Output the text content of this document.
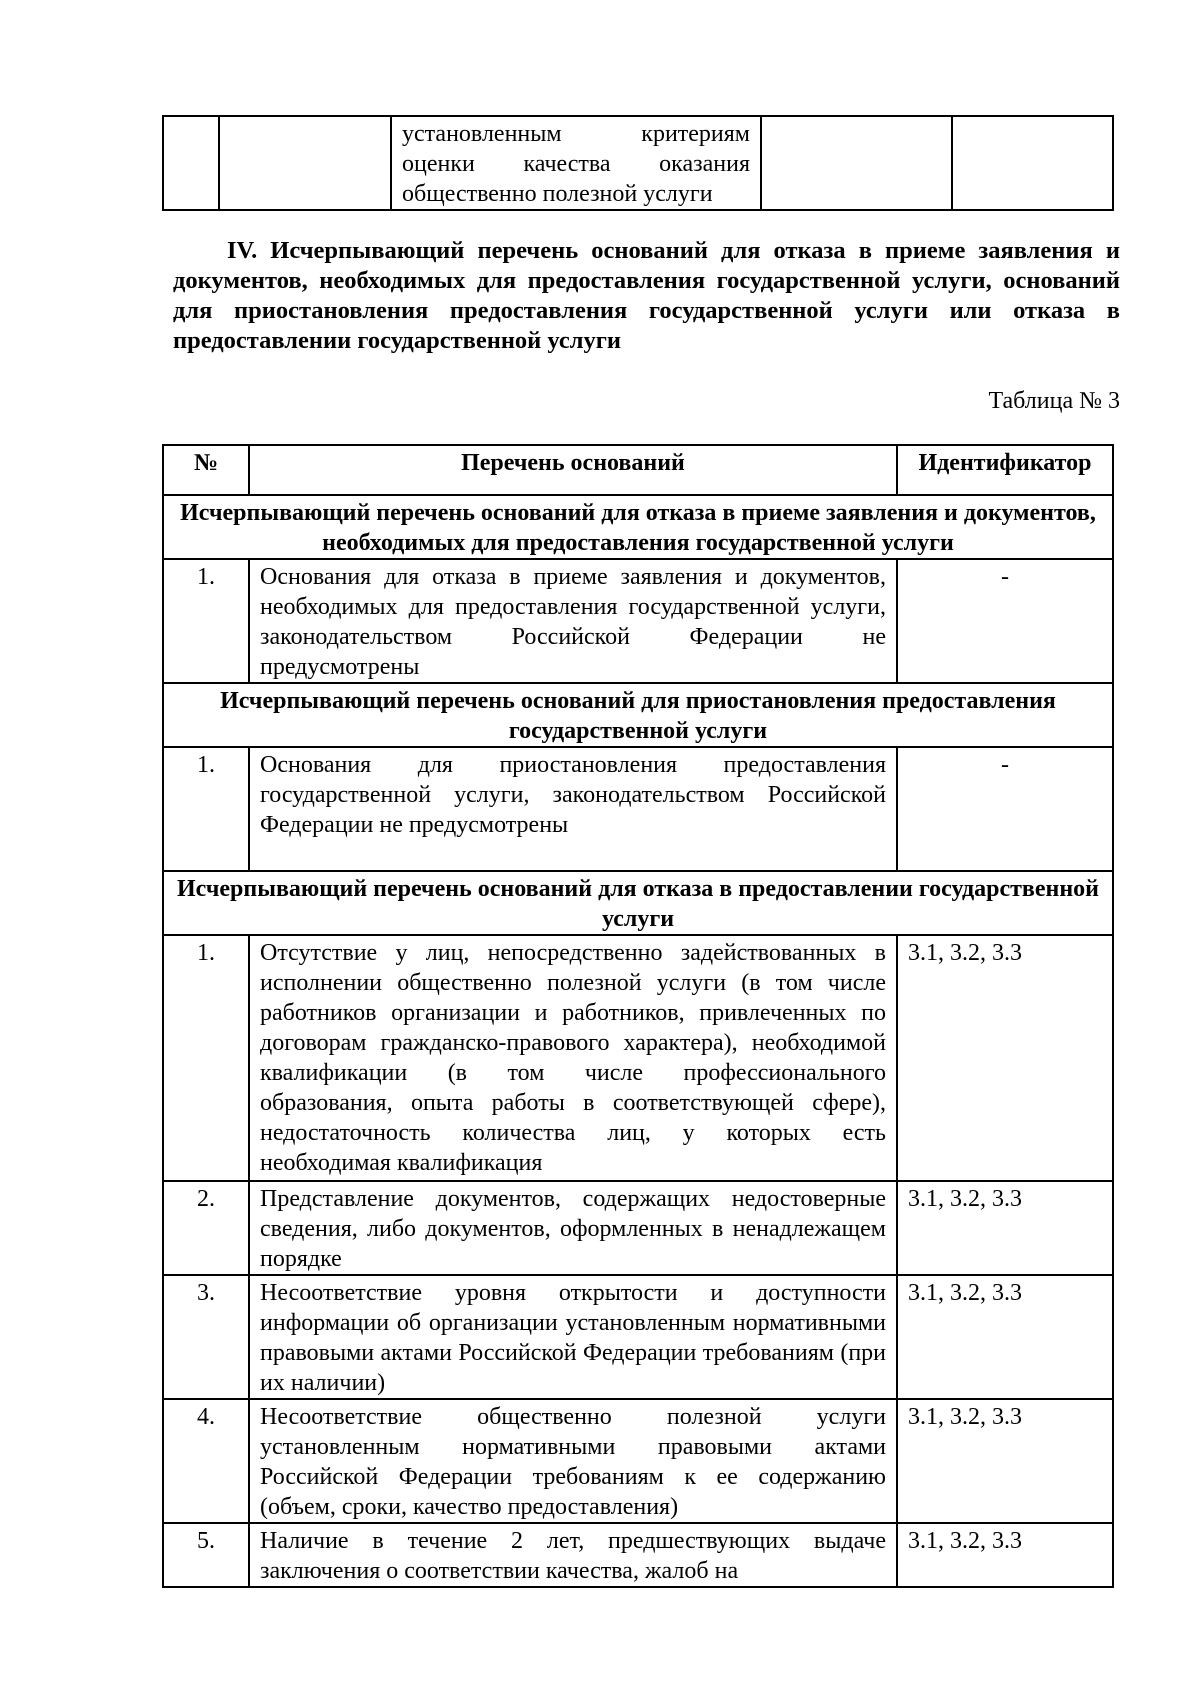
установленным критериям оценки качества оказания общественно полезной услуги

IV. Исчерпывающий перечень оснований для отказа в приеме заявления и документов, необходимых для предоставления государственной услуги, оснований для приостановления предоставления государственной услуги или отказа в предоставлении государственной услуги
Таблица № 3
№	Перечень оснований	Идентификатор
Исчерпывающий перечень оснований для отказа в приеме заявления и документов, необходимых для предоставления государственной услуги		
1.	Основания для отказа в приеме заявления и документов, необходимых для предоставления государственной услуги, законодательством Российской Федерации не предусмотрены	-
Исчерпывающий перечень оснований для приостановления предоставления государственной услуги		
1.	Основания для приостановления предоставления государственной услуги, законодательством Российской Федерации не предусмотрены	-
Исчерпывающий перечень оснований для отказа в предоставлении государственной услуги		
1.	Отсутствие у лиц, непосредственно задействованных в исполнении общественно полезной услуги (в том числе работников организации и работников, привлеченных по договорам гражданско-правового характера), необходимой квалификации (в том числе профессионального образования, опыта работы в соответствующей сфере), недостаточность количества лиц, у которых есть необходимая квалификация	3.1, 3.2, 3.3
2.	Представление документов, содержащих недостоверные сведения, либо документов, оформленных в ненадлежащем порядке	3.1, 3.2, 3.3
3.	Несоответствие уровня открытости и доступности информации об организации установленным нормативными правовыми актами Российской Федерации требованиям (при их наличии)	3.1, 3.2, 3.3
4.	Несоответствие общественно полезной услуги установленным нормативными правовыми актами Российской Федерации требованиям к ее содержанию (объем, сроки, качество предоставления)	3.1, 3.2, 3.3
5.	Наличие в течение 2 лет, предшествующих выдаче заключения о соответствии качества, жалоб на	3.1, 3.2, 3.3
